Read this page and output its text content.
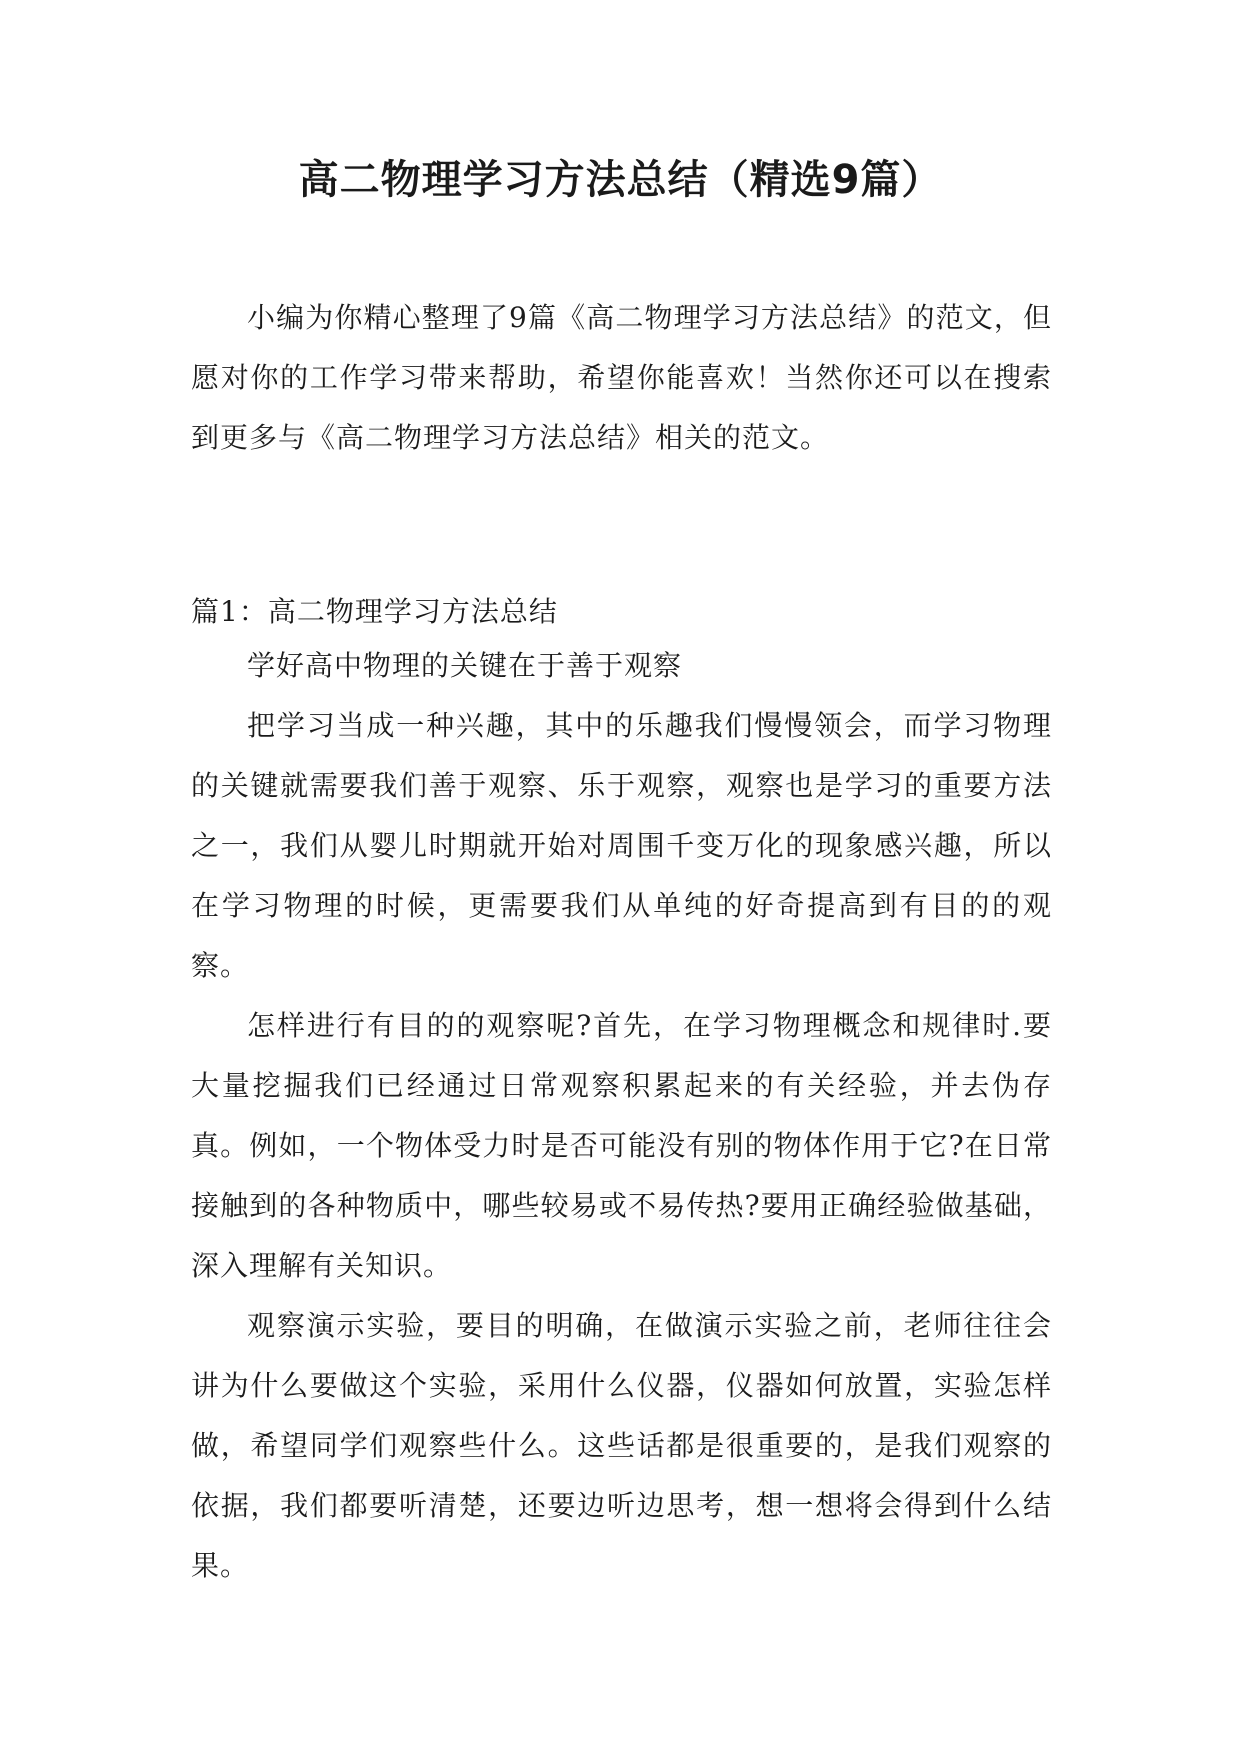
高二物理学习方法总结（精选9篇）

小编为你精心整理了9篇《高二物理学习方法总结》的范文，但愿对你的工作学习带来帮助，希望你能喜欢！当然你还可以在搜索到更多与《高二物理学习方法总结》相关的范文。

篇1：高二物理学习方法总结

学好高中物理的关键在于善于观察

把学习当成一种兴趣，其中的乐趣我们慢慢领会，而学习物理的关键就需要我们善于观察、乐于观察，观察也是学习的重要方法之一，我们从婴儿时期就开始对周围千变万化的现象感兴趣，所以在学习物理的时候，更需要我们从单纯的好奇提高到有目的的观察。

怎样进行有目的的观察呢?首先，在学习物理概念和规律时.要大量挖掘我们已经通过日常观察积累起来的有关经验，并去伪存真。例如，一个物体受力时是否可能没有别的物体作用于它?在日常接触到的各种物质中，哪些较易或不易传热?要用正确经验做基础，深入理解有关知识。

观察演示实验，要目的明确，在做演示实验之前，老师往往会讲为什么要做这个实验，采用什么仪器，仪器如何放置，实验怎样做，希望同学们观察些什么。这些话都是很重要的，是我们观察的依据，我们都要听清楚，还要边听边思考，想一想将会得到什么结果。
